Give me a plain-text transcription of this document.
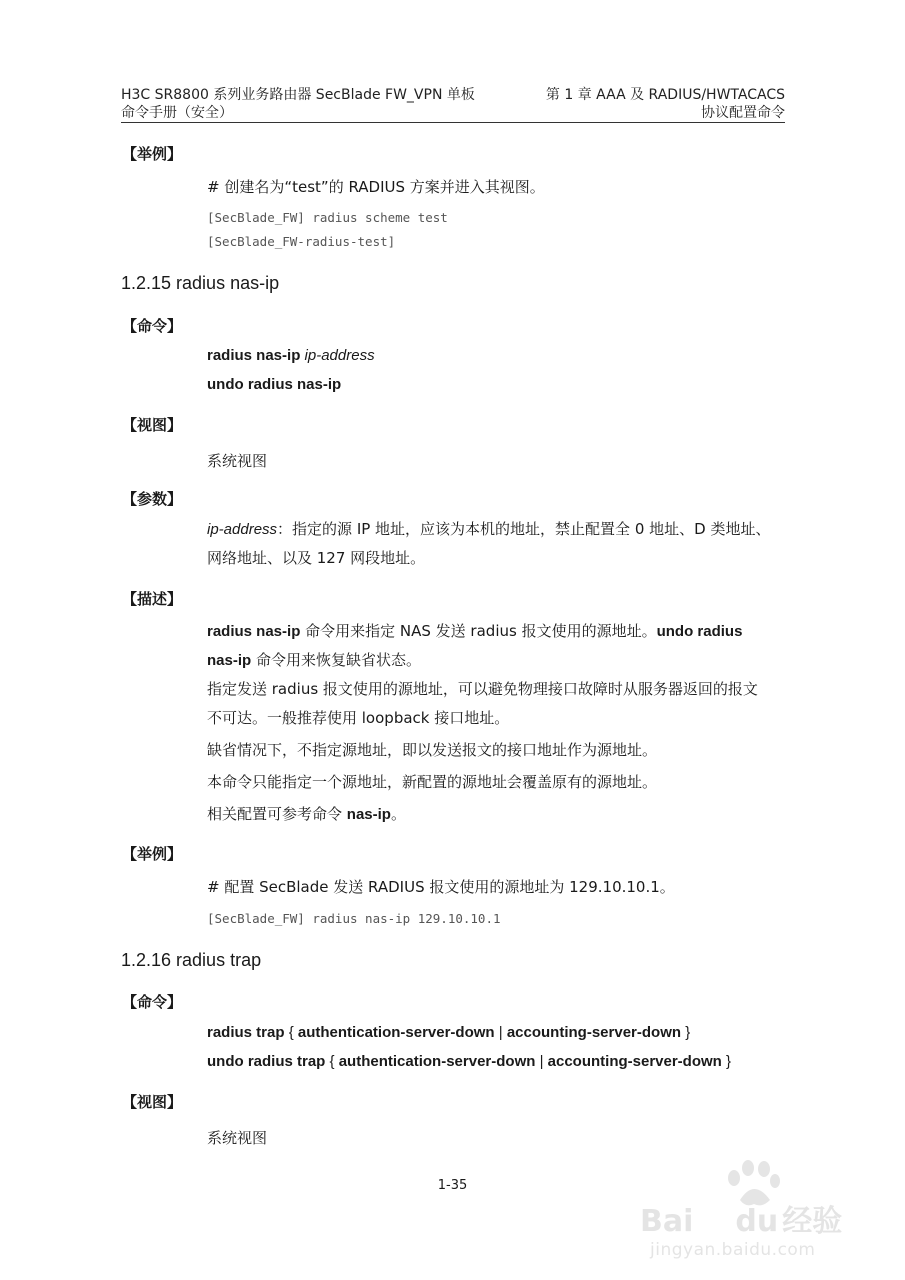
H3C SR8800 系列业务路由器 SecBlade FW_VPN 单板
命令手册（安全）
第 1 章 AAA 及 RADIUS/HWTACACS
协议配置命令
【举例】
# 创建名为“test”的 RADIUS 方案并进入其视图。
[SecBlade_FW] radius scheme test
[SecBlade_FW-radius-test]
1.2.15 radius nas-ip
【命令】
radius nas-ip ip-address
undo radius nas-ip
【视图】
系统视图
【参数】
ip-address：指定的源 IP 地址，应该为本机的地址，禁止配置全 0 地址、D 类地址、
网络地址、以及 127 网段地址。
【描述】
radius nas-ip 命令用来指定 NAS 发送 radius 报文使用的源地址。undo radius
nas-ip 命令用来恢复缺省状态。
指定发送 radius 报文使用的源地址，可以避免物理接口故障时从服务器返回的报文
不可达。一般推荐使用 loopback 接口地址。
缺省情况下，不指定源地址，即以发送报文的接口地址作为源地址。
本命令只能指定一个源地址，新配置的源地址会覆盖原有的源地址。
相关配置可参考命令 nas-ip。
【举例】
# 配置 SecBlade 发送 RADIUS 报文使用的源地址为 129.10.10.1。
[SecBlade_FW] radius nas-ip 129.10.10.1
1.2.16 radius trap
【命令】
radius trap { authentication-server-down | accounting-server-down }
undo radius trap { authentication-server-down | accounting-server-down }
【视图】
系统视图
1-35
Bai du 经验
jingyan.baidu.com
